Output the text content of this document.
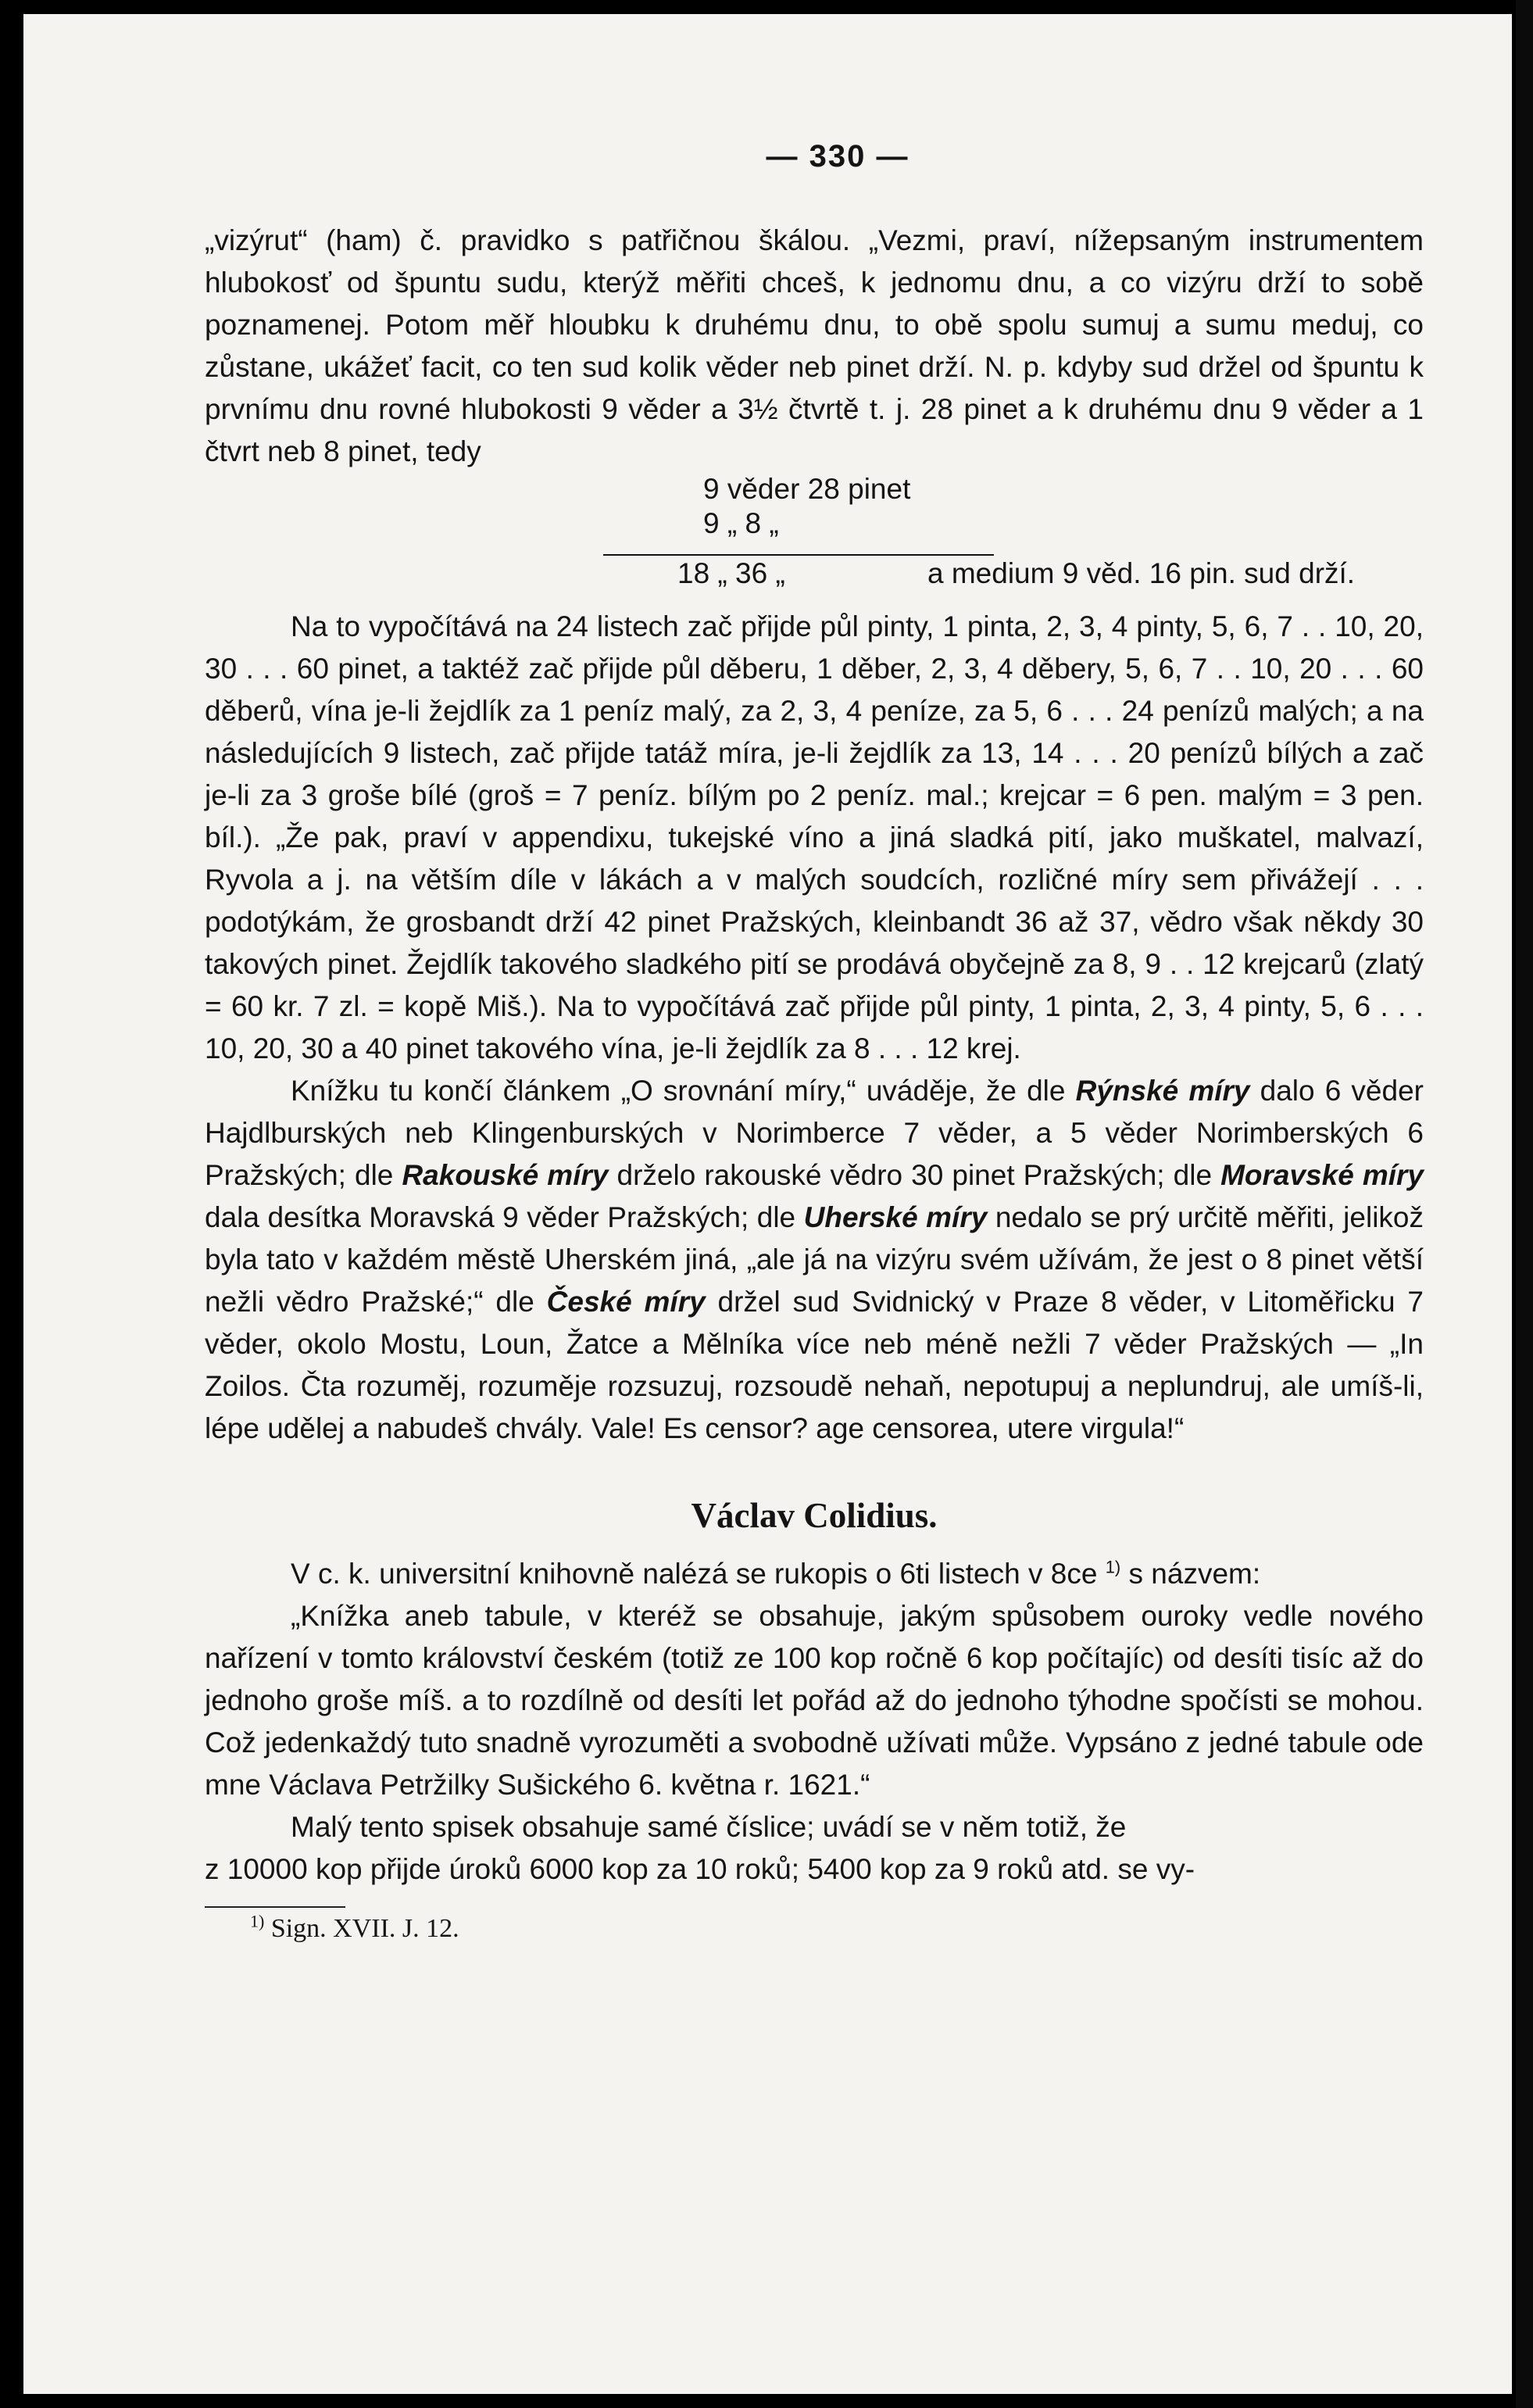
— 330 —

„vizýrut“ (ham) č. pravidko s patřičnou škálou. „Vezmi, praví, nížepsaným instrumentem hlubokosť od špuntu sudu, kterýž měřiti chceš, k jednomu dnu, a co vizýru drží to sobě poznamenej. Potom měř hloubku k druhému dnu, to obě spolu sumuj a sumu meduj, co zůstane, ukážeť facit, co ten sud kolik věder neb pinet drží. N. p. kdyby sud držel od špuntu k prvnímu dnu rovné hlubokosti 9 věder a 3½ čtvrtě t. j. 28 pinet a k druhému dnu 9 věder a 1 čtvrt neb 8 pinet, tedy

9 věder 28 pinet
9 „ 8 „
18 „ 36 „	a medium 9 věd. 16 pin. sud drží.

Na to vypočítává na 24 listech zač přijde půl pinty, 1 pinta, 2, 3, 4 pinty, 5, 6, 7 . . 10, 20, 30 . . . 60 pinet, a taktéž zač přijde půl děberu, 1 děber, 2, 3, 4 děbery, 5, 6, 7 . . 10, 20 . . . 60 děberů, vína je-li žejdlík za 1 peníz malý, za 2, 3, 4 peníze, za 5, 6 . . . 24 penízů malých; a na následujících 9 listech, zač přijde tatáž míra, je-li žejdlík za 13, 14 . . . 20 penízů bílých a zač je-li za 3 groše bílé (groš = 7 peníz. bílým po 2 peníz. mal.; krejcar = 6 pen. malým = 3 pen. bíl.). „Že pak, praví v appendixu, tukejské víno a jiná sladká pití, jako muškatel, malvazí, Ryvola a j. na větším díle v lákách a v malých soudcích, rozličné míry sem přivážejí . . . podotýkám, že grosbandt drží 42 pinet Pražských, kleinbandt 36 až 37, vědro však někdy 30 takových pinet. Žejdlík takového sladkého pití se prodává obyčejně za 8, 9 . . 12 krejcarů (zlatý = 60 kr. 7 zl. = kopě Miš.). Na to vypočítává zač přijde půl pinty, 1 pinta, 2, 3, 4 pinty, 5, 6 . . . 10, 20, 30 a 40 pinet takového vína, je-li žejdlík za 8 . . . 12 krej.

Knížku tu končí článkem „O srovnání míry,“ uváděje, že dle Rýnské míry dalo 6 věder Hajdlburských neb Klingenburských v Norimberce 7 věder, a 5 věder Norimberských 6 Pražských; dle Rakouské míry drželo rakouské vědro 30 pinet Pražských; dle Moravské míry dala desítka Moravská 9 věder Pražských; dle Uherské míry nedalo se prý určitě měřiti, jelikož byla tato v každém městě Uherském jiná, „ale já na vizýru svém užívám, že jest o 8 pinet větší nežli vědro Pražské;“ dle České míry držel sud Svidnický v Praze 8 věder, v Litoměřicku 7 věder, okolo Mostu, Loun, Žatce a Mělníka více neb méně nežli 7 věder Pražských — „In Zoilos. Čta rozuměj, rozuměje rozsuzuj, rozsoudě nehaň, nepotupuj a neplundruj, ale umíš-li, lépe udělej a nabudeš chvály. Vale! Es censor? age censorea, utere virgula!“

Václav Colidius.

V c. k. universitní knihovně nalézá se rukopis o 6ti listech v 8ce $^{1)}$ s názvem:

„Knížka aneb tabule, v kteréž se obsahuje, jakým spůsobem ouroky vedle nového nařízení v tomto království českém (totiž ze 100 kop ročně 6 kop počítajíc) od desíti tisíc až do jednoho groše míš. a to rozdílně od desíti let pořád až do jednoho týhodne spočísti se mohou. Což jedenkaždý tuto snadně vyrozuměti a svobodně užívati může. Vypsáno z jedné tabule ode mne Václava Petržilky Sušického 6. května r. 1621.“

Malý tento spisek obsahuje samé číslice; uvádí se v něm totiž, že

z 10000 kop přijde úroků 6000 kop za 10 roků; 5400 kop za 9 roků atd. se vy-

$^{1)}$ Sign. XVII. J. 12.
